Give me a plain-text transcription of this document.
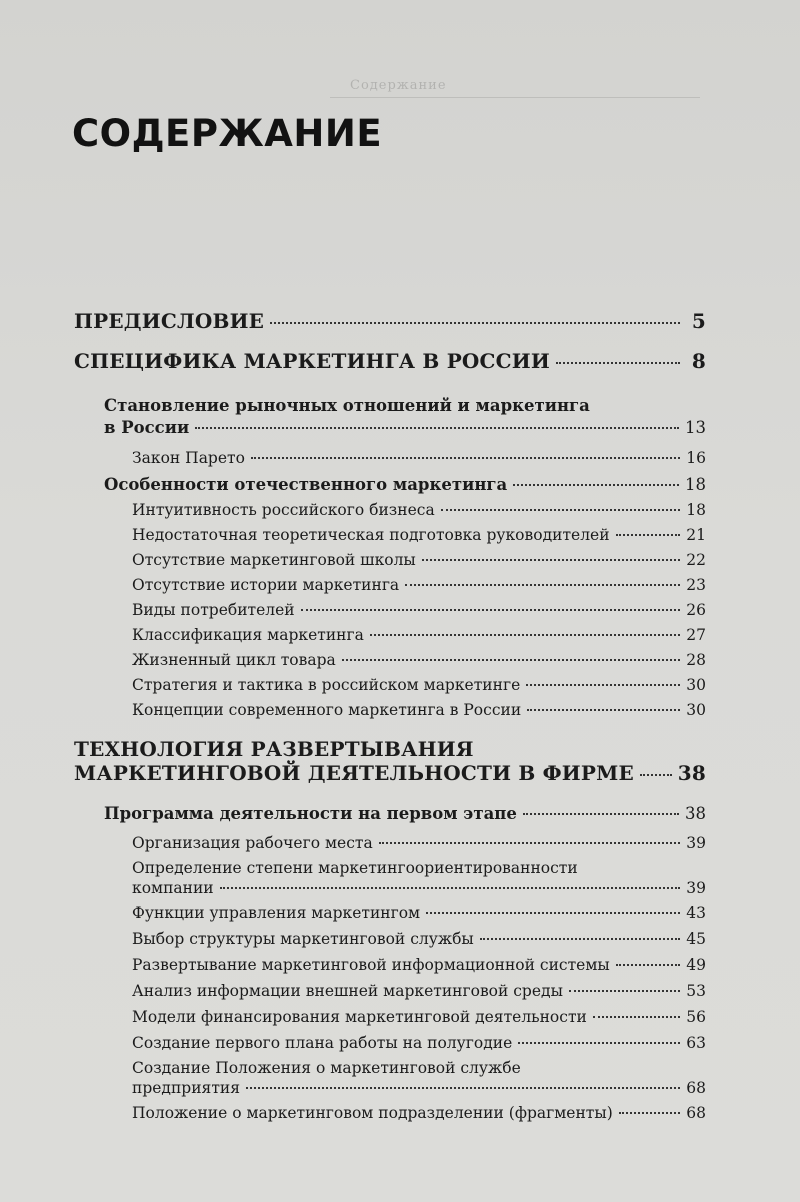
Содержание
СОДЕРЖАНИЕ
ПРЕДИСЛОВИЕ	5
СПЕЦИФИКА МАРКЕТИНГА В РОССИИ	8
Становление рыночных отношений и маркетинга
в России	13
Закон Парето	16
Особенности отечественного маркетинга	18
Интуитивность российского бизнеса	18
Недостаточная теоретическая подготовка руководителей	21
Отсутствие маркетинговой школы	22
Отсутствие истории маркетинга	23
Виды потребителей	26
Классификация маркетинга	27
Жизненный цикл товара	28
Стратегия и тактика в российском маркетинге	30
Концепции современного маркетинга в России	30
ТЕХНОЛОГИЯ РАЗВЕРТЫВАНИЯ
МАРКЕТИНГОВОЙ ДЕЯТЕЛЬНОСТИ В ФИРМЕ 38
Программа деятельности на первом этапе	38
Организация рабочего места	39
Определение степени маркетингоориентированности
компании	39
Функции управления маркетингом	43
Выбор структуры маркетинговой службы	45
Развертывание маркетинговой информационной системы	49
Анализ информации внешней маркетинговой среды	53
Модели финансирования маркетинговой деятельности	56
Создание первого плана работы на полугодие	63
Создание Положения о маркетинговой службе
предприятия	68
Положение о маркетинговом подразделении (фрагменты)	68
